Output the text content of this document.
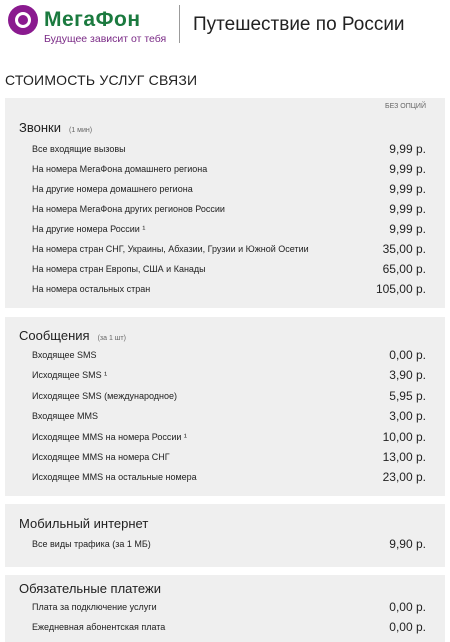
МегаФон
Будущее зависит от тебя
Путешествие по России
СТОИМОСТЬ УСЛУГ СВЯЗИ
БЕЗ ОПЦИЙ
Звонки (1 мин)
Все входящие вызовы	9,99 р.
На номера МегаФона домашнего региона	9,99 р.
На другие номера домашнего региона	9,99 р.
На номера МегаФона других регионов России	9,99 р.
На другие номера России ¹	9,99 р.
На номера стран СНГ, Украины, Абхазии, Грузии и Южной Осетии	35,00 р.
На номера стран Европы, США и Канады	65,00 р.
На номера остальных стран	105,00 р.
Сообщения (за 1 шт)
Входящее SMS	0,00 р.
Исходящее SMS ¹	3,90 р.
Исходящее SMS (международное)	5,95 р.
Входящее MMS	3,00 р.
Исходящее MMS на номера России ¹	10,00 р.
Исходящее MMS на номера СНГ	13,00 р.
Исходящее MMS на остальные номера	23,00 р.
Мобильный интернет
Все виды трафика (за 1 МБ)	9,90 р.
Обязательные платежи
Плата за подключение услуги	0,00 р.
Ежедневная абонентская плата	0,00 р.
